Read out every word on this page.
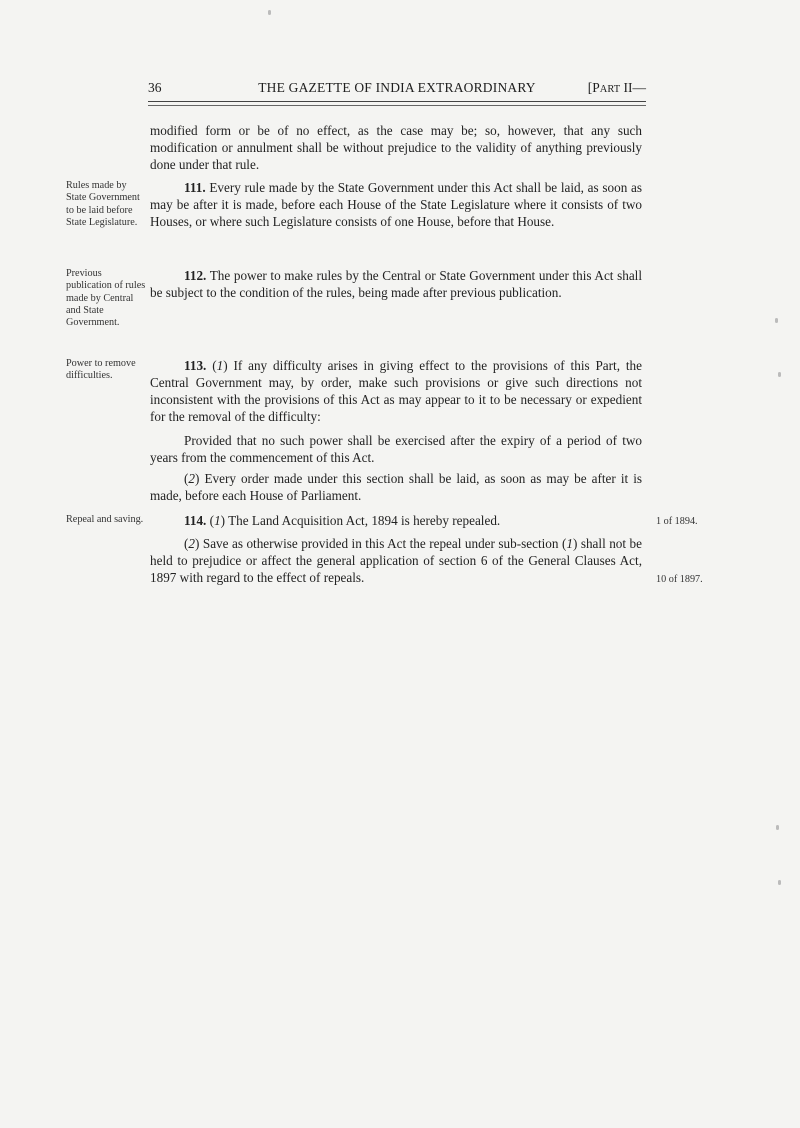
36	THE GAZETTE OF INDIA EXTRAORDINARY	[PART II—

modified form or be of no effect, as the case may be; so, however, that any such modification or annulment shall be without prejudice to the validity of anything previously done under that rule.

Rules made by State Government to be laid before State Legislature.

111. Every rule made by the State Government under this Act shall be laid, as soon as may be after it is made, before each House of the State Legislature where it consists of two Houses, or where such Legislature consists of one House, before that House.

Previous publication of rules made by Central and State Government.

112. The power to make rules by the Central or State Government under this Act shall be subject to the condition of the rules, being made after previous publication.

Power to remove difficulties.

113. (1) If any difficulty arises in giving effect to the provisions of this Part, the Central Government may, by order, make such provisions or give such directions not inconsistent with the provisions of this Act as may appear to it to be necessary or expedient for the removal of the difficulty:

Provided that no such power shall be exercised after the expiry of a period of two years from the commencement of this Act.

(2) Every order made under this section shall be laid, as soon as may be after it is made, before each House of Parliament.

Repeal and saving.	114. (1) The Land Acquisition Act, 1894 is hereby repealed.

(2) Save as otherwise provided in this Act the repeal under sub-section (1) shall not be held to prejudice or affect the general application of section 6 of the General Clauses Act, 1897 with regard to the effect of repeals.

1 of 1894.
10 of 1897.
